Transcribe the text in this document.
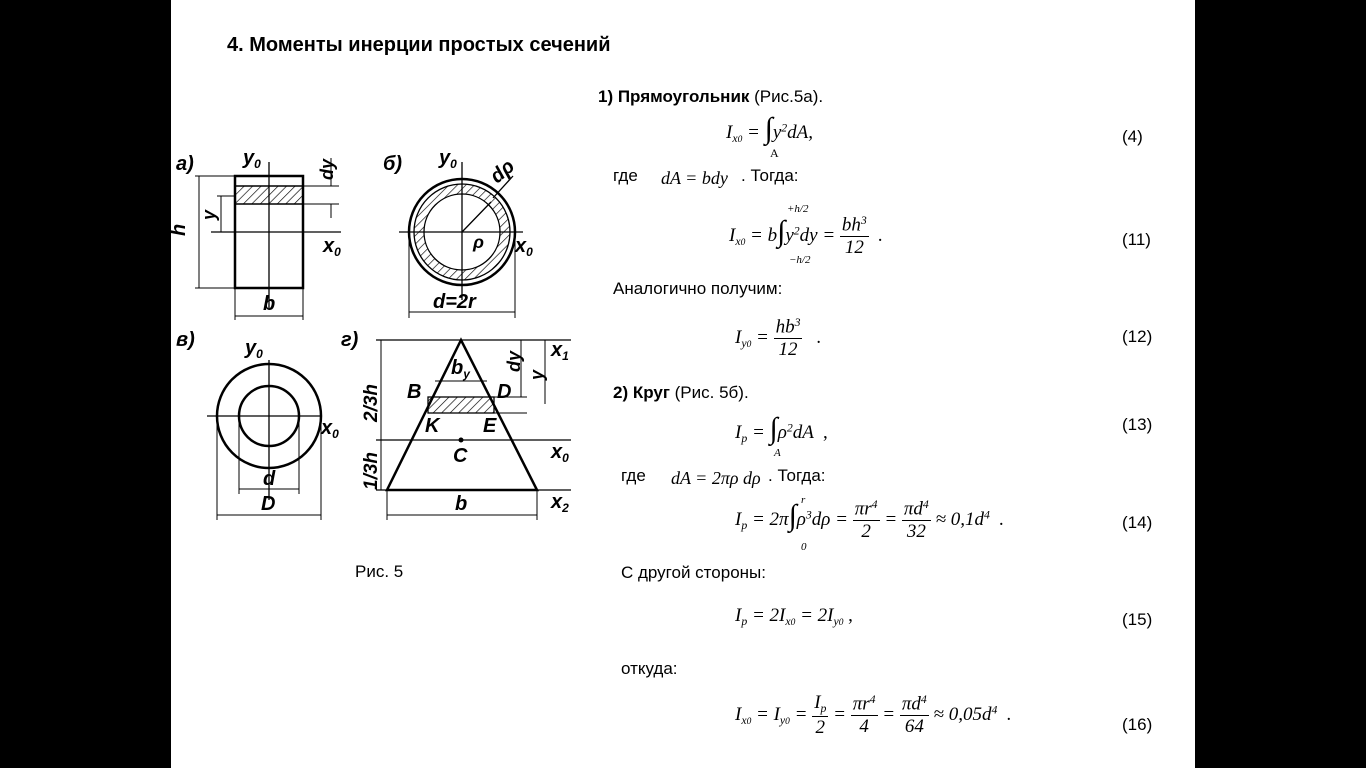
4. Моменты инерции простых сечений
а) $y_0$
$x_0$
h
y
dy
b
б) $y_0$ dρ
ρ $x_0$
d=2r
в)	$y_0$
$x_0$
d
D
г)
$b_y$
B	D
K E
C
2/3h
1/3h
dy
y
$x_1$
$x_0$
$x_2$
b
Рис. 5
1) Прямоугольник (Рис.5а).
$I_{x0} = \int y^2dA$,
A
(4)
где dA = bdy . Тогда:
$I_{x0} = b\int y^2dy = \frac{bh^3}{12}$ .
+h/2
−h/2
(11)
Аналогично получим:
$I_{y0} = \frac{hb^3}{12}$ .	(12)
2) Круг (Рис. 5б).
$I_p = \int\rho^2dA$  ,
A
(13)
где dA = 2πρ dρ . Тогда:
$I_p = 2\pi\int\rho^3d\rho = \frac{\pi r^4}{2} = \frac{\pi d^4}{32} \approx 0,1d^4$  .
r
0
(14)
С другой стороны:
$I_p = 2I_{x0} = 2I_{y0}$ ,	(15)
откуда:
$I_{x0} = I_{y0} = \frac{I_p}{2} = \frac{\pi r^4}{4} = \frac{\pi d^4}{64} \approx 0,05d^4$  .	(16)
